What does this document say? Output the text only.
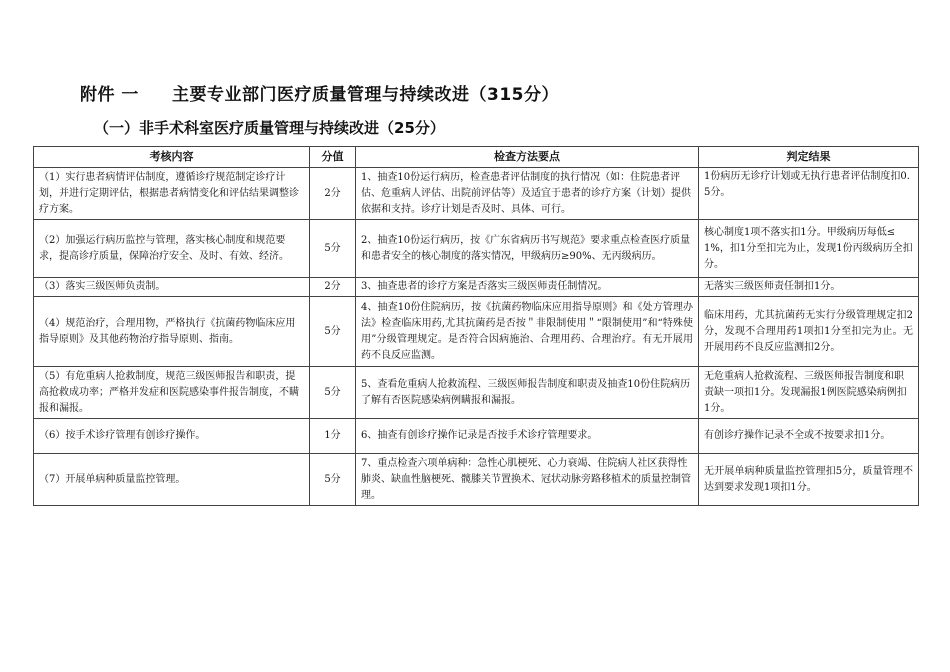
附件 一 主要专业部门医疗质量管理与持续改进（315分）
（一）非手术科室医疗质量管理与持续改进（25分）
考核内容	分值	检查方法要点	判定结果
（1）实行患者病情评估制度，遵循诊疗规范制定诊疗计划，并进行定期评估，根据患者病情变化和评估结果调整诊疗方案。	2分	1、抽查10份运行病历，检查患者评估制度的执行情况（如：住院患者评估、危重病人评估、出院前评估等）及适宜于患者的诊疗方案（计划）提供依据和支持。诊疗计划是否及时、具体、可行。	1份病历无诊疗计划或无执行患者评估制度扣0.5分。
（2）加强运行病历监控与管理，落实核心制度和规范要求，提高诊疗质量，保障治疗安全、及时、有效、经济。	5分	2、抽查10份运行病历，按《广东省病历书写规范》要求重点检查医疗质量和患者安全的核心制度的落实情况，甲级病历≥90%、无丙级病历。	核心制度1项不落实扣1分。甲级病历每低≤1%，扣1分至扣完为止，发现1份丙级病历全扣分。
（3）落实三级医师负责制。	2分	3、抽查患者的诊疗方案是否落实三级医师责任制情况。	无落实三级医师责任制扣1分。
（4）规范治疗，合理用物，严格执行《抗菌药物临床应用指导原则》及其他药物治疗指导原则、指南。	5分	4、抽查10份住院病历，按《抗菌药物临床应用指导原则》和《处方管理办法》检查临床用药,尤其抗菌药是否按＂非限制使用＂“限制使用”和“特殊使用”分级管理规定。是否符合因病施治、合理用药、合理治疗。有无开展用药不良反应监测。	临床用药，尤其抗菌药无实行分级管理规定扣2分，发现不合理用药1项扣1分至扣完为止。无开展用药不良反应监测扣2分。
（5）有危重病人抢救制度，规范三级医师报告和职责，提高抢救成功率；严格并发症和医院感染事件报告制度，不瞒报和漏报。	5分	5、查看危重病人抢救流程、三级医师报告制度和职责及抽查10份住院病历了解有否医院感染病例瞒报和漏报。	无危重病人抢救流程、三级医师报告制度和职责缺一项扣1分。发现漏报1例医院感染病例扣1分。
（6）按手术诊疗管理有创诊疗操作。	1分	6、抽查有创诊疗操作记录是否按手术诊疗管理要求。	有创诊疗操作记录不全或不按要求扣1分。
（7）开展单病种质量监控管理。	5分	7、重点检查六项单病种：急性心肌梗死、心力衰竭、住院病人社区获得性肺炎、缺血性脑梗死、髋膝关节置换术、冠状动脉旁路移植术的质量控制管理。	无开展单病种质量监控管理扣5分，质量管理不达到要求发现1项扣1分。
